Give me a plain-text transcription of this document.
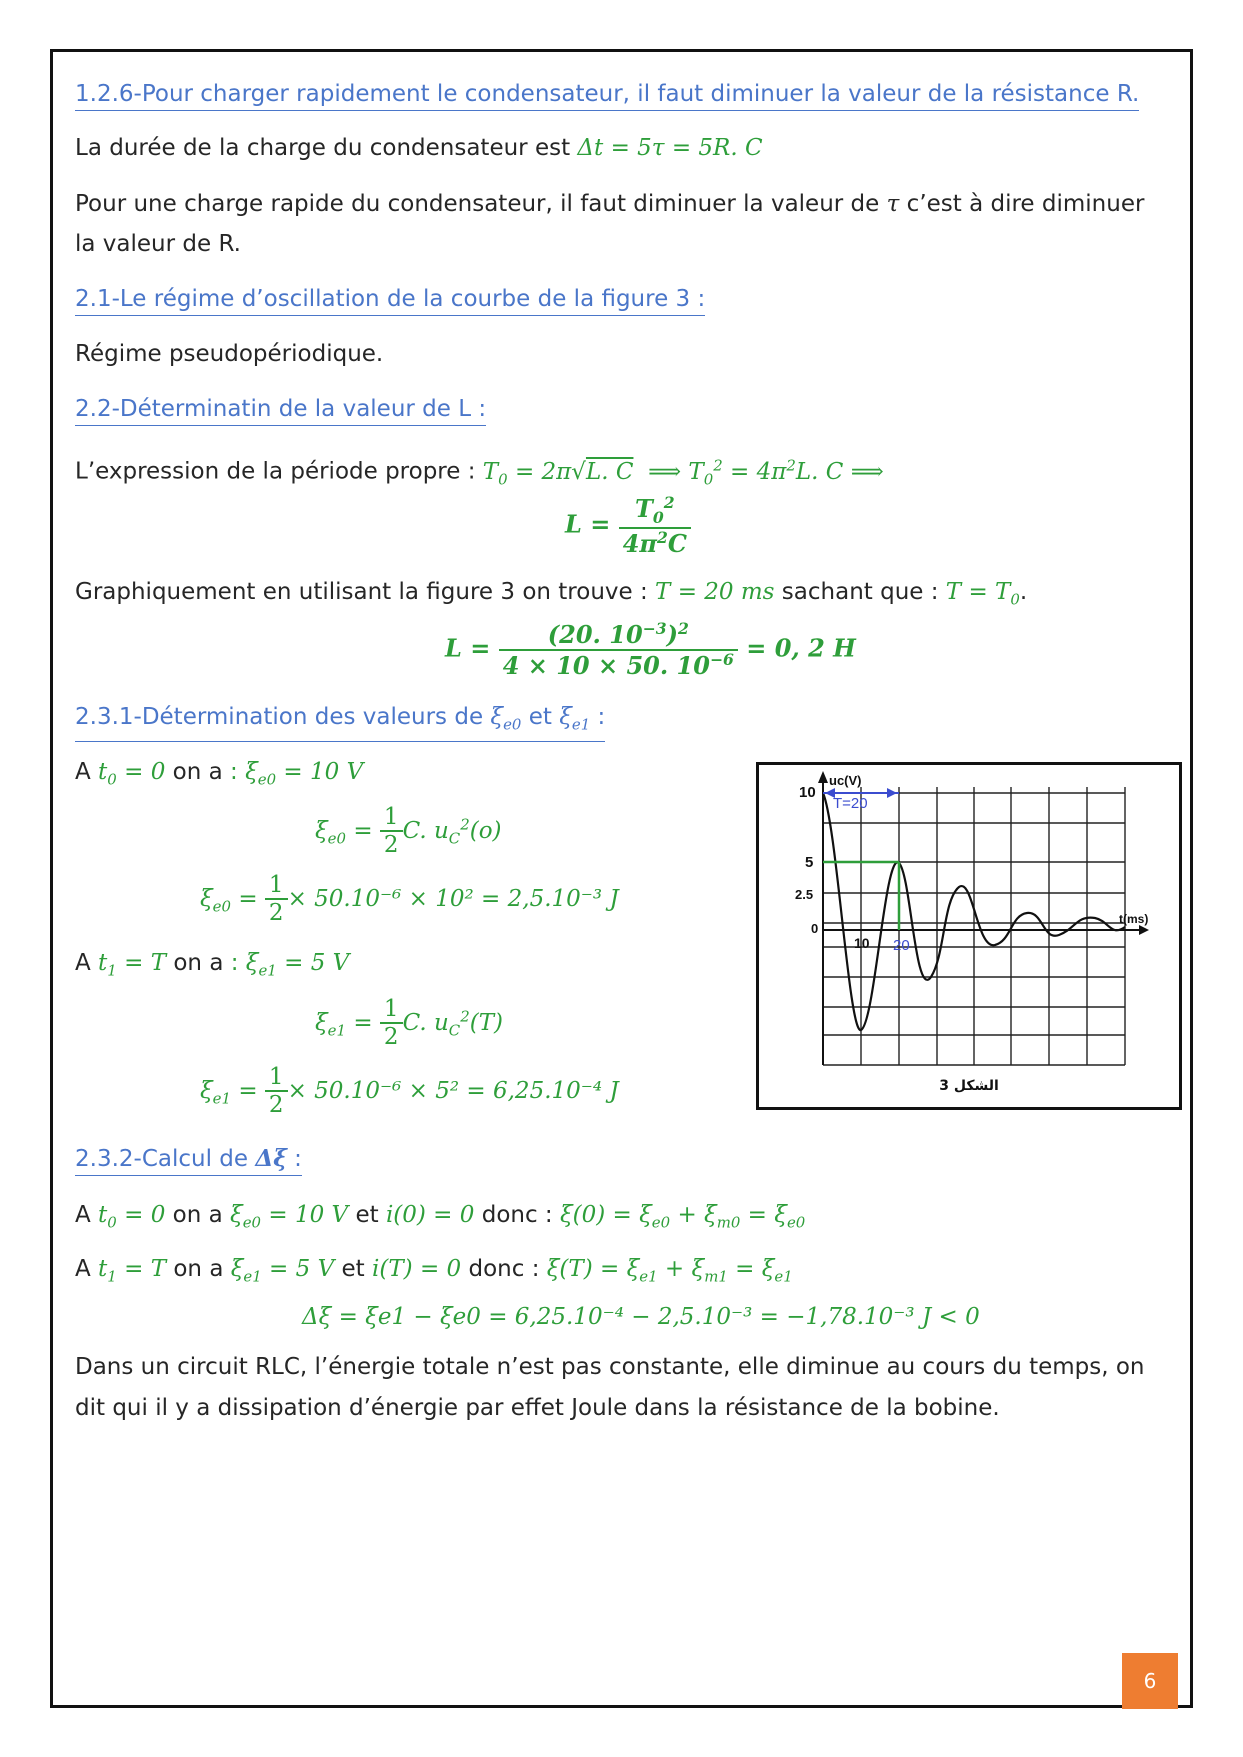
1.2.6-Pour charger rapidement le condensateur, il faut diminuer la valeur de la résistance R.
La durée de la charge du condensateur est Δt = 5τ = 5R. C
Pour une charge rapide du condensateur, il faut diminuer la valeur de τ c’est à dire diminuer
la valeur de R.
2.1-Le régime d’oscillation de la courbe de la figure 3 :
Régime pseudopériodique.
2.2-Déterminatin de la valeur de L :
L’expression de la période propre : $T_0 = 2\pi√L$. C  ⟹ $T_0^2 = 4\pi^2L$. C ⟹
$L = \frac{T_0^2}{4\pi^2C}$
Graphiquement en utilisant la figure 3 on trouve : T = 20 ms sachant que : $T = T_0$.
$L = \frac{(20. 10^{-3})^2}{4 \times 10 \times 50. 10^{-6}} = 0$, 2 H
2.3.1-Détermination des valeurs de $\xi_{e0}$ et $\xi_{e1}$ :
A $t_0 = 0$ on a : $\xi_{e0} = 10$ V
$\xi_{e0} = \frac{1}{2} C$. $u_C^2(o)$
$\xi_{e0} = \frac{1}{2} \times 50.10^{-6} \times 10^2 = 2,5.10^{-3}$ J
A $t_1 = T$ on a : $\xi_{e1} = 5$ V
$\xi_{e1} = \frac{1}{2} C$. $u_C^2(T)$
$\xi_{e1} = \frac{1}{2} \times 50.10^{-6} \times 5^2 = 6,25.10^{-4}$ J
T=20
uc(V)
t(ms)
10
5
2.5
0
10 20
الشكل 3
2.3.2-Calcul de Δξ :
A $t_0 = 0$ on a $\xi_{e0} = 10$ V et i(0) = 0 donc : $\xi(0) = \xi_{e0} + \xi_{m0} = \xi_{e0}$
A $t_1 = T$ on a $\xi_{e1} = 5$ V et i(T) = 0 donc : $\xi(T) = \xi_{e1} + \xi_{m1} = \xi_{e1}$
Δξ = ξe1 − ξe0 = 6,25.10⁻⁴ − 2,5.10⁻³ = −1,78.10⁻³ J < 0
Dans un circuit RLC, l’énergie totale n’est pas constante, elle diminue au cours du temps, on
dit qui il y a dissipation d’énergie par effet Joule dans la résistance de la bobine.
6
